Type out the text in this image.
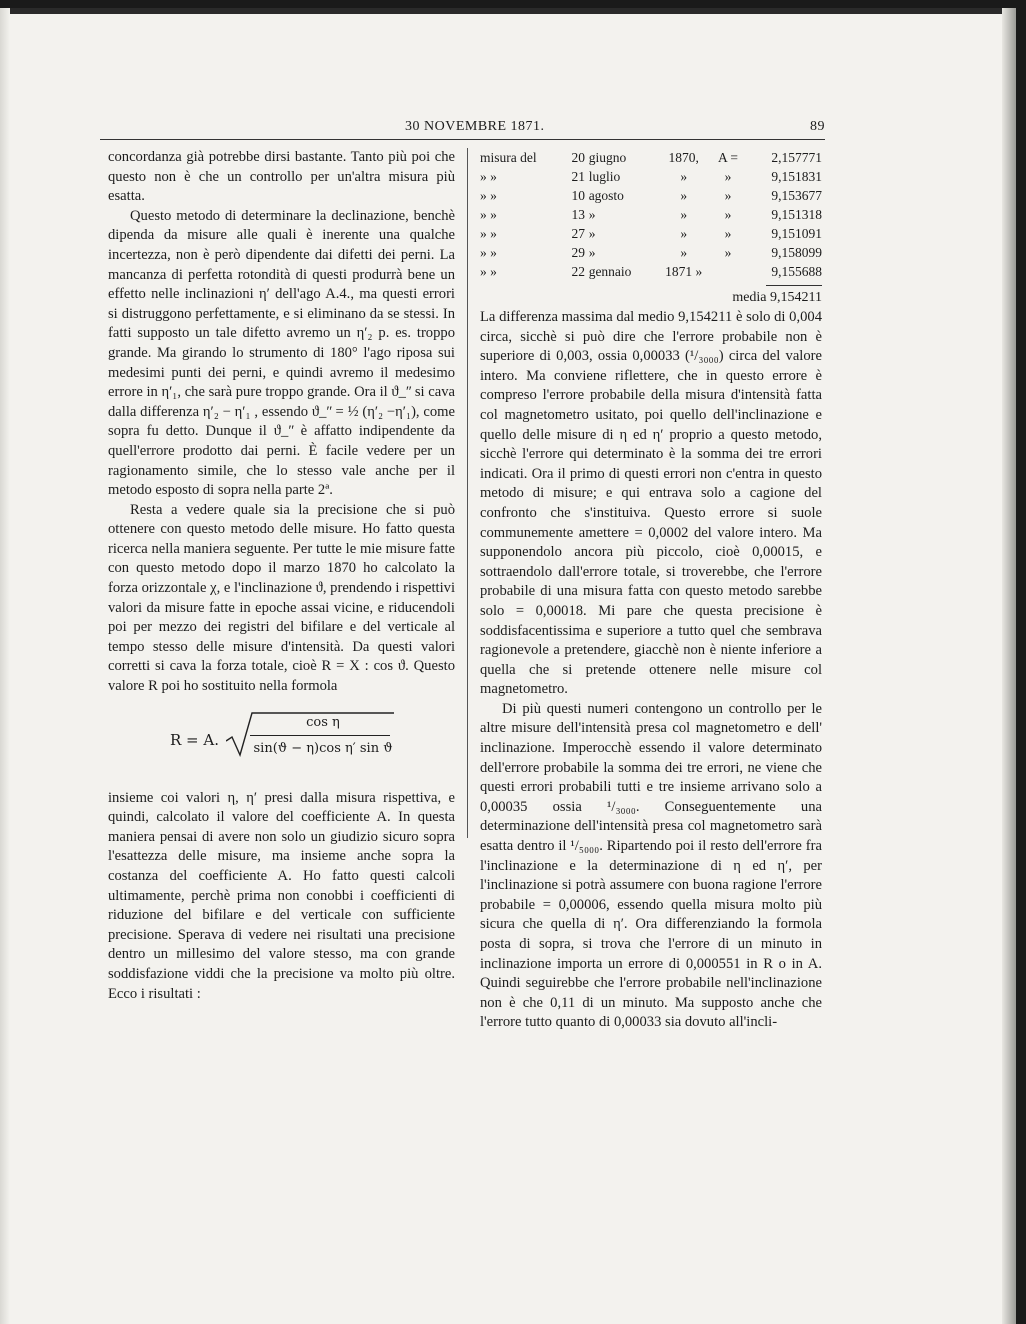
30 NOVEMBRE 1871.	89

concordanza già potrebbe dirsi bastante. Tanto più poi che questo non è che un controllo per un'altra misura più esatta.

Questo metodo di determinare la declinazione, benchè dipenda da misure alle quali è inerente una qualche incertezza, non è però dipendente dai difetti dei perni. La mancanza di perfetta rotondità di questi produrrà bene un effetto nelle inclinazioni η′ dell'ago A.4., ma questi errori si distruggono perfettamente, e si eliminano da se stessi. In fatti supposto un tale difetto avremo un η′₂ p. es. troppo grande. Ma girando lo strumento di 180° l'ago riposa sui medesimi punti dei perni, e quindi avremo il medesimo errore in η′₁, che sarà pure troppo grande. Ora il ϑ_ʺ si cava dalla differenza η′₂ − η′₁ , essendo ϑ_ʺ = ½ (η′₂ −η′₁), come sopra fu detto. Dunque il ϑ_ʺ è affatto indipendente da quell'errore prodotto dai perni. È facile vedere per un ragionamento simile, che lo stesso vale anche per il metodo esposto di sopra nella parte 2ª.

Resta a vedere quale sia la precisione che si può ottenere con questo metodo delle misure. Ho fatto questa ricerca nella maniera seguente. Per tutte le mie misure fatte con questo metodo dopo il marzo 1870 ho calcolato la forza orizzontale χ, e l'inclinazione ϑ, prendendo i rispettivi valori da misure fatte in epoche assai vicine, e riducendoli poi per mezzo dei registri del bifilare e del verticale al tempo stesso delle misure d'intensità. Da questi valori corretti si cava la forza totale, cioè R = X : cos ϑ. Questo valore R poi ho sostituito nella formola

R = A.
cos η
sin(ϑ − η)cos η′ sin ϑ

insieme coi valori η, η′ presi dalla misura rispettiva, e quindi, calcolato il valore del coefficiente A. In questa maniera pensai di avere non solo un giudizio sicuro sopra l'esattezza delle misure, ma insieme anche sopra la costanza del coefficiente A. Ho fatto questi calcoli ultimamente, perchè prima non conobbi i coefficienti di riduzione del bifilare e del verticale con sufficiente precisione. Sperava di vedere nei risultati una precisione dentro un millesimo del valore stesso, ma con grande soddisfazione viddi che la precisione va molto più oltre. Ecco i risultati :

misura del	20	giugno	1870,	A =	2,157771
» »	21	luglio	»	»	9,151831
» »	10	agosto	»	»	9,153677
» »	13	»	»	»	9,151318
» »	27	»	»	»	9,151091
» »	29	»	»	»	9,158099
» »	22	gennaio	1871 »		9,155688
media 9,154211

La differenza massima dal medio 9,154211 è solo di 0,004 circa, sicchè si può dire che l'errore probabile non è superiore di 0,003, ossia 0,00033 (¹/₃₀₀₀) circa del valore intero. Ma conviene riflettere, che in questo errore è compreso l'errore probabile della misura d'intensità fatta col magnetometro usitato, poi quello dell'inclinazione e quello delle misure di η ed η′ proprio a questo metodo, sicchè l'errore qui determinato è la somma dei tre errori indicati. Ora il primo di questi errori non c'entra in questo metodo di misure; e qui entrava solo a cagione del confronto che s'instituiva. Questo errore si suole communemente amettere = 0,0002 del valore intero. Ma supponendolo ancora più piccolo, cioè 0,00015, e sottraendolo dall'errore totale, si troverebbe, che l'errore probabile di una misura fatta con questo metodo sarebbe solo = 0,00018. Mi pare che questa precisione è soddisfacentissima e superiore a tutto quel che sembrava ragionevole a pretendere, giacchè non è niente inferiore a quella che si pretende ottenere nelle misure col magnetometro.

Di più questi numeri contengono un controllo per le altre misure dell'intensità presa col magnetometro e dell' inclinazione. Imperocchè essendo il valore determinato dell'errore probabile la somma dei tre errori, ne viene che questi errori probabili tutti e tre insieme arrivano solo a 0,00035 ossia ¹/₃₀₀₀. Conseguentemente una determinazione dell'intensità presa col magnetometro sarà esatta dentro il ¹/₅₀₀₀. Ripartendo poi il resto dell'errore fra l'inclinazione e la determinazione di η ed η′, per l'inclinazione si potrà assumere con buona ragione l'errore probabile = 0,00006, essendo quella misura molto più sicura che quella di η′. Ora differenziando la formola posta di sopra, si trova che l'errore di un minuto in inclinazione importa un errore di 0,000551 in R o in A. Quindi seguirebbe che l'errore probabile nell'inclinazione non è che 0,11 di un minuto. Ma supposto anche che l'errore tutto quanto di 0,00033 sia dovuto all'incli-
